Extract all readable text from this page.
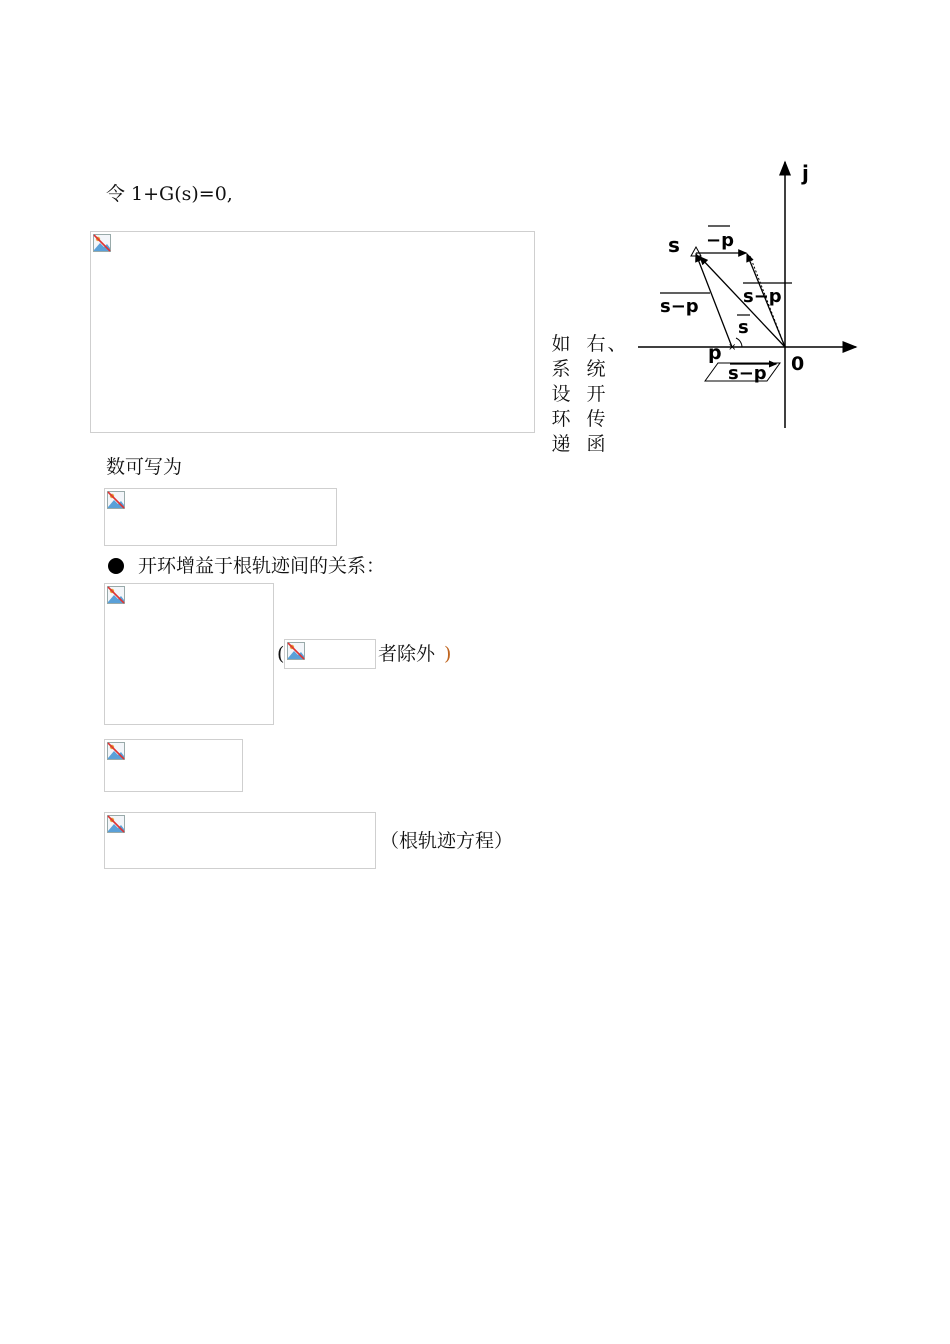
令 1+G(s)=0,
如
系
设
环
递
右
统
开
传
函
、	×
j
0
s
p
−p
s−p s−p
s−p
s
数可写为
开环增益于根轨迹间的关系：
(	者除外 )
（根轨迹方程）
